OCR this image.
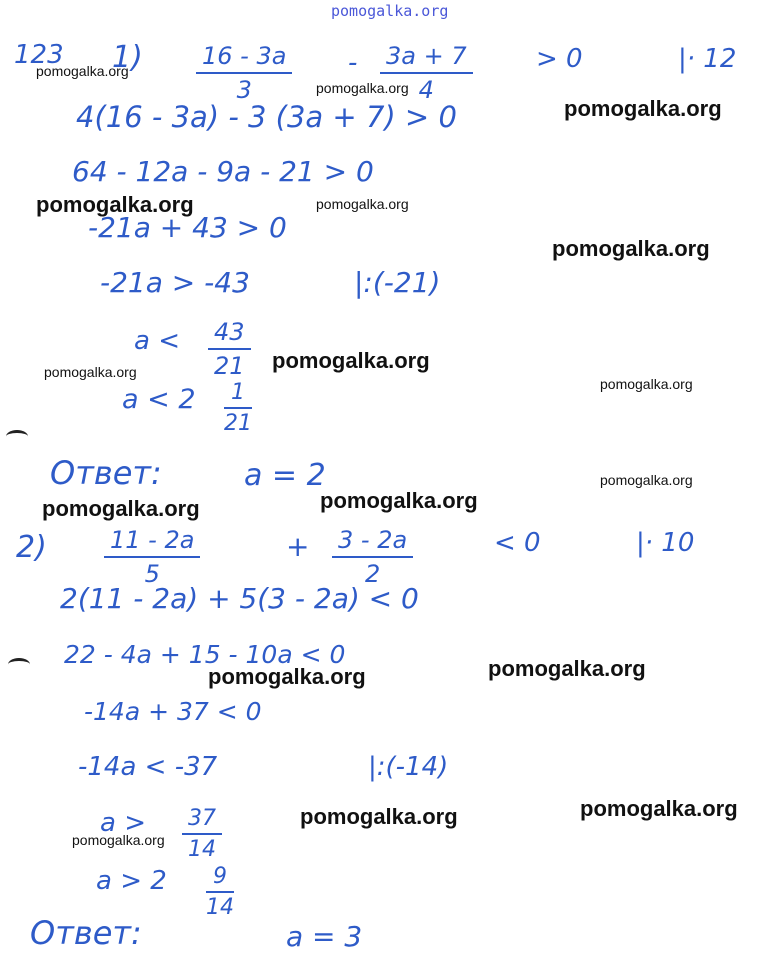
pomogalka.org
123 $1) \frac{16 - 3a}{3} - \frac{3a + 7}{4} > 0$	|· 12
4(16 - 3a) - 3 (3a + 7) > 0
64 - 12a - 9a - 21 > 0
-21a + 43 > 0
-21a > -43	|:(-21)
$a < \frac{43}{21}$
$a < 2 \frac{1}{21}$
Ответ:	a = 2
$2) \frac{11 - 2a}{5}$	+ $\frac{3 - 2a}{2}$	< 0	|· 10
2(11 - 2a) + 5(3 - 2a) < 0
22 - 4a + 15 - 10a < 0
-14a + 37 < 0
-14a < -37	|:(-14)
$a > \frac{37}{14}$
$a > 2 \frac{9}{14}$
Ответ:	a = 3
pomogalka.org
pomogalka.org
pomogalka.org
pomogalka.org	pomogalka.org
pomogalka.org
pomogalka.org
pomogalka.org
pomogalka.org
pomogalka.org
pomogalka.org
pomogalka.org
pomogalka.org
pomogalka.org
pomogalka.org
pomogalka.org
pomogalka.org
